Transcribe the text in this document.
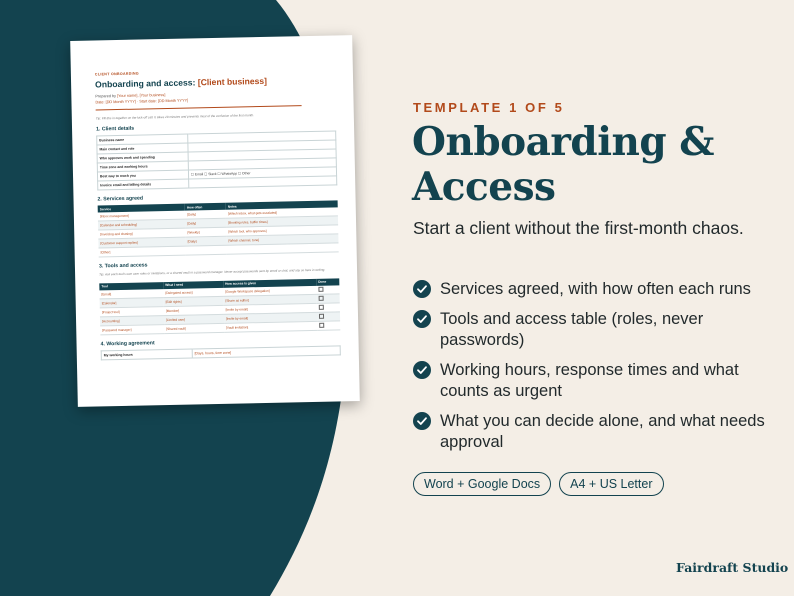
CLIENT ONBOARDING
Onboarding and access: [Client business]
Prepared by [Your name], [Your business]
Date: [DD Month YYYY] · Start date: [DD Month YYYY]
Tip: Fill this in together on the kick-off call. It takes 20 minutes and prevents most of the confusion of the first month.
1. Client details
Business name	
Main contact and role	
Who approves work and spending	
Time zone and working hours	
Best way to reach you	☐ Email ☐ Slack ☐ WhatsApp ☐ Other
Invoice email and billing details	
2. Services agreed
Service	How often	Notes
[Inbox management]	[Daily]	[Which inbox, what gets escalated]
[Calendar and scheduling]	[Daily]	[Booking rules, buffer times]
[Invoicing and chasing]	[Weekly]	[Which tool, who approves]
[Customer support replies]	[Daily]	[Which channel, tone]
[Other]		
3. Tools and access
Tip: Ask each tool's own user roles or invitations, or a shared vault in a password manager. Never accept passwords sent by email or chat, and say so here in writing.
Tool	What I need	How access is given	Done
[Email]	[Delegated access]	[Google Workspace delegation]	
[Calendar]	[Edit rights]	[Share as editor]	
[Project tool]	[Member]	[Invite by email]	
[Accounting]	[Limited user]	[Invite by email]	
[Password manager]	[Shared vault]	[Vault invitation]	
4. Working agreement
My working hours	[Days, hours, time zone]
TEMPLATE 1 OF 5
Onboarding &
Access
Start a client without the first-month chaos.
Services agreed, with how often each runs
Tools and access table (roles, never passwords)
Working hours, response times and what counts as urgent
What you can decide alone, and what needs approval
Word + Google Docs	A4 + US Letter
Fairdraft Studio
